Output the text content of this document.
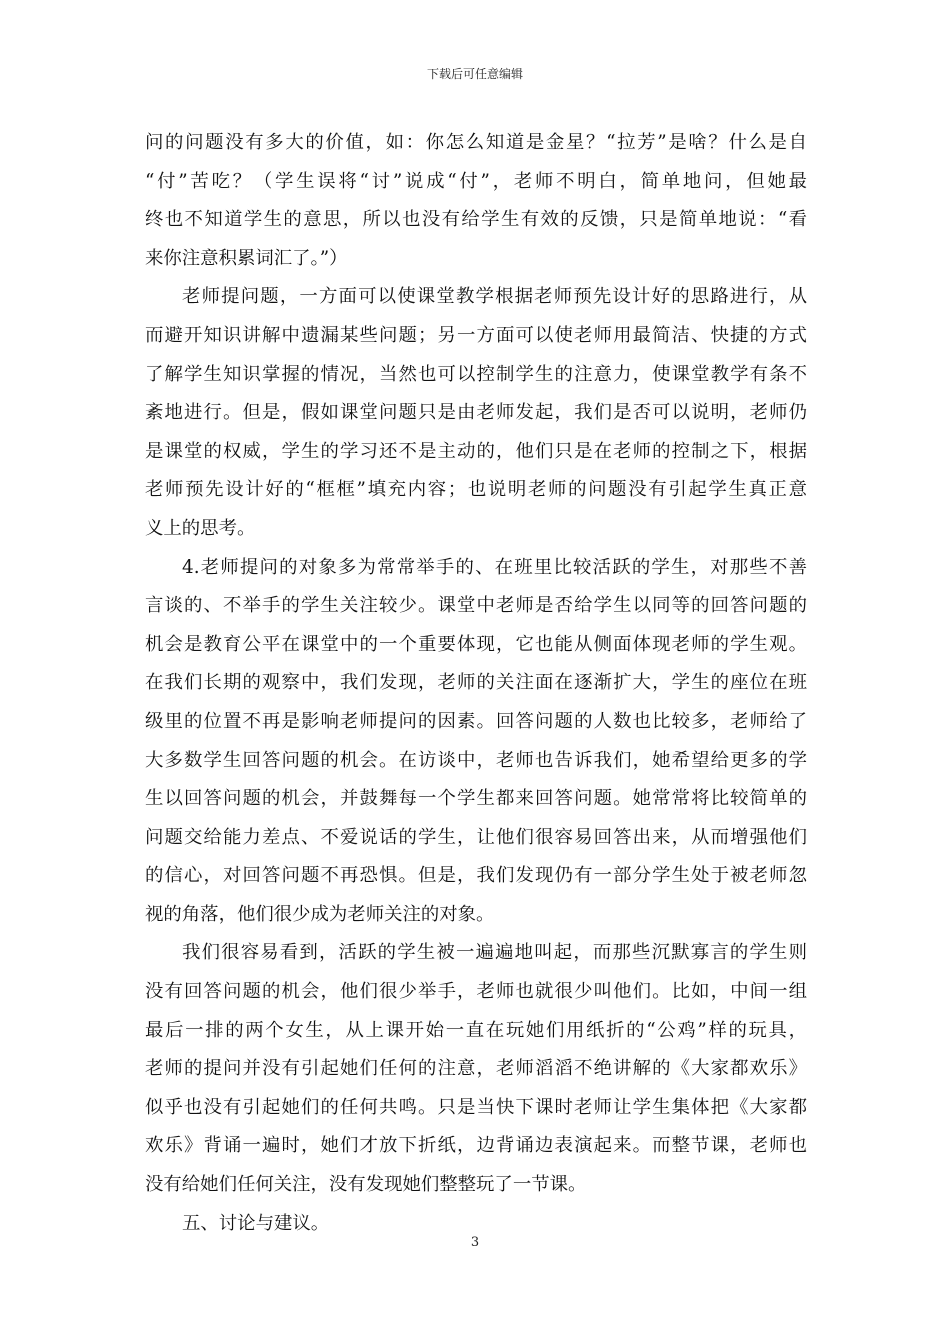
下载后可任意编辑
问的问题没有多大的价值，如：你怎么知道是金星？“拉芳”是啥？什么是自
“付”苦吃？（学生误将“讨”说成“付”，老师不明白，简单地问，但她最
终也不知道学生的意思，所以也没有给学生有效的反馈，只是简单地说：“看
来你注意积累词汇了。”）
老师提问题，一方面可以使课堂教学根据老师预先设计好的思路进行，从
而避开知识讲解中遗漏某些问题；另一方面可以使老师用最简洁、快捷的方式
了解学生知识掌握的情况，当然也可以控制学生的注意力，使课堂教学有条不
紊地进行。但是，假如课堂问题只是由老师发起，我们是否可以说明，老师仍
是课堂的权威，学生的学习还不是主动的，他们只是在老师的控制之下，根据
老师预先设计好的“框框”填充内容；也说明老师的问题没有引起学生真正意
义上的思考。
4.老师提问的对象多为常常举手的、在班里比较活跃的学生，对那些不善
言谈的、不举手的学生关注较少。课堂中老师是否给学生以同等的回答问题的
机会是教育公平在课堂中的一个重要体现，它也能从侧面体现老师的学生观。
在我们长期的观察中，我们发现，老师的关注面在逐渐扩大，学生的座位在班
级里的位置不再是影响老师提问的因素。回答问题的人数也比较多，老师给了
大多数学生回答问题的机会。在访谈中，老师也告诉我们，她希望给更多的学
生以回答问题的机会，并鼓舞每一个学生都来回答问题。她常常将比较简单的
问题交给能力差点、不爱说话的学生，让他们很容易回答出来，从而增强他们
的信心，对回答问题不再恐惧。但是，我们发现仍有一部分学生处于被老师忽
视的角落，他们很少成为老师关注的对象。
我们很容易看到，活跃的学生被一遍遍地叫起，而那些沉默寡言的学生则
没有回答问题的机会，他们很少举手，老师也就很少叫他们。比如，中间一组
最后一排的两个女生，从上课开始一直在玩她们用纸折的“公鸡”样的玩具，
老师的提问并没有引起她们任何的注意，老师滔滔不绝讲解的《大家都欢乐》
似乎也没有引起她们的任何共鸣。只是当快下课时老师让学生集体把《大家都
欢乐》背诵一遍时，她们才放下折纸，边背诵边表演起来。而整节课，老师也
没有给她们任何关注，没有发现她们整整玩了一节课。
五、讨论与建议。
3
